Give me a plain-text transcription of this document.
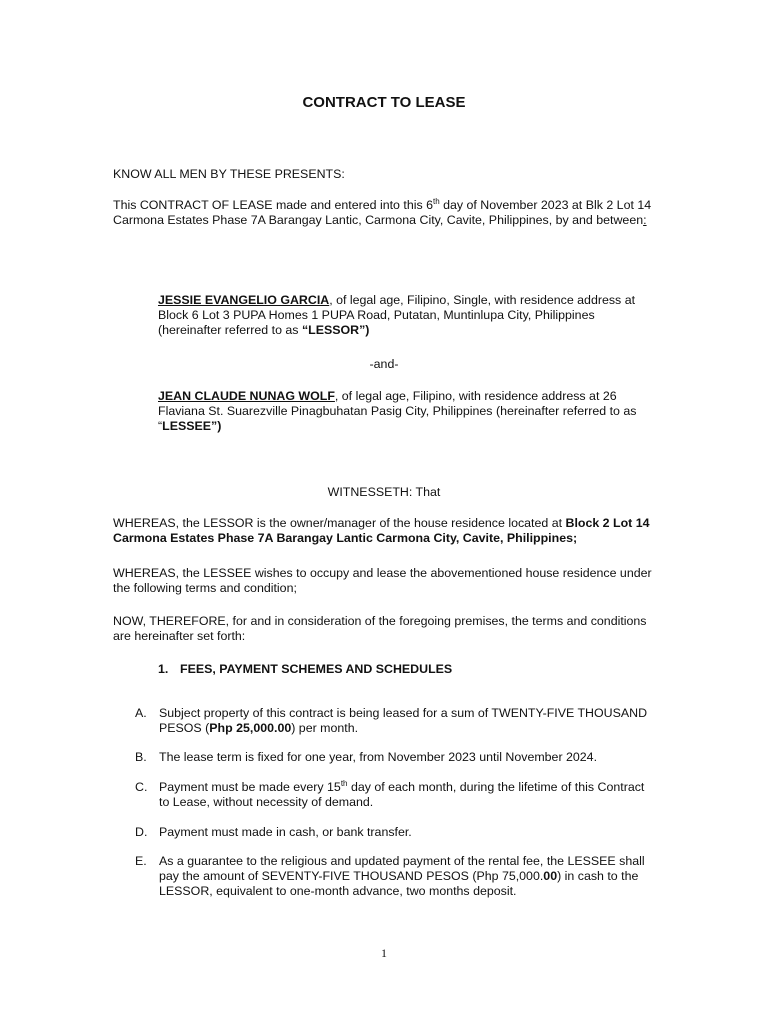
CONTRACT TO LEASE

KNOW ALL MEN BY THESE PRESENTS:

This CONTRACT OF LEASE made and entered into this 6th day of November 2023 at Blk 2 Lot 14 Carmona Estates Phase 7A Barangay Lantic, Carmona City, Cavite, Philippines, by and between:

JESSIE EVANGELIO GARCIA, of legal age, Filipino, Single, with residence address at Block 6 Lot 3 PUPA Homes 1 PUPA Road, Putatan, Muntinlupa City, Philippines (hereinafter referred to as “LESSOR”)

-and-

JEAN CLAUDE NUNAG WOLF, of legal age, Filipino, with residence address at 26 Flaviana St. Suarezville Pinagbuhatan Pasig City, Philippines (hereinafter referred to as “LESSEE”)

WITNESSETH: That

WHEREAS, the LESSOR is the owner/manager of the house residence located at Block 2 Lot 14 Carmona Estates Phase 7A Barangay Lantic Carmona City, Cavite, Philippines;

WHEREAS, the LESSEE wishes to occupy and lease the abovementioned house residence under the following terms and condition;

NOW, THEREFORE, for and in consideration of the foregoing premises, the terms and conditions are hereinafter set forth:

1. FEES, PAYMENT SCHEMES AND SCHEDULES

A. Subject property of this contract is being leased for a sum of TWENTY-FIVE THOUSAND PESOS (Php 25,000.00) per month.
B. The lease term is fixed for one year, from November 2023 until November 2024.
C. Payment must be made every 15th day of each month, during the lifetime of this Contract to Lease, without necessity of demand.
D. Payment must made in cash, or bank transfer.
E. As a guarantee to the religious and updated payment of the rental fee, the LESSEE shall pay the amount of SEVENTY-FIVE THOUSAND PESOS (Php 75,000.00) in cash to the LESSOR, equivalent to one-month advance, two months deposit.

1
